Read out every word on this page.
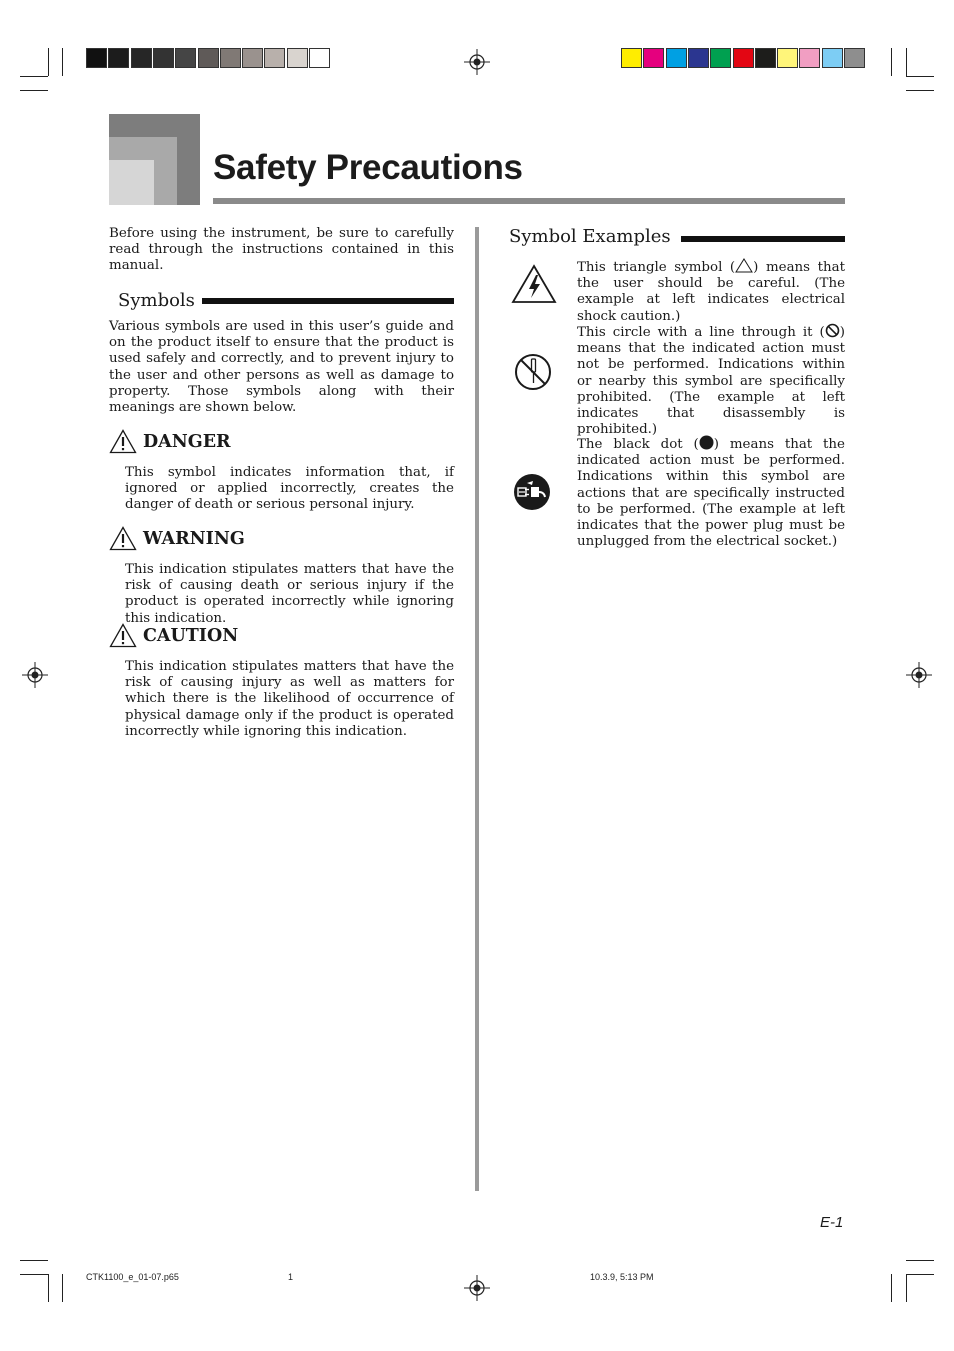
Safety Precautions

Before using the instrument, be sure to carefully read through the instructions contained in this manual.

Symbols

Various symbols are used in this user’s guide and on the product itself to ensure that the product is used safely and correctly, and to prevent injury to the user and other persons as well as damage to property. Those symbols along with their meanings are shown below.

DANGER

This symbol indicates information that, if ignored or applied incorrectly, creates the danger of death or serious personal injury.

WARNING

This indication stipulates matters that have the risk of causing death or serious injury if the product is operated incorrectly while ignoring this indication.

CAUTION

This indication stipulates matters that have the risk of causing injury as well as matters for which there is the likelihood of occurrence of physical damage only if the product is operated incorrectly while ignoring this indication.

Symbol Examples

This triangle symbol ( ) means that the user should be careful. (The example at left indicates electrical shock caution.)

This circle with a line through it ( ) means that the indicated action must not be performed. Indications within or nearby this symbol are specifically prohibited. (The example at left indicates that disassembly is prohibited.)

The black dot ( ) means that the indicated action must be performed. Indications within this symbol are actions that are specifically instructed to be performed. (The example at left indicates that the power plug must be unplugged from the electrical socket.)

E-1
CTK1100_e_01-07.p65	1	10.3.9, 5:13 PM
